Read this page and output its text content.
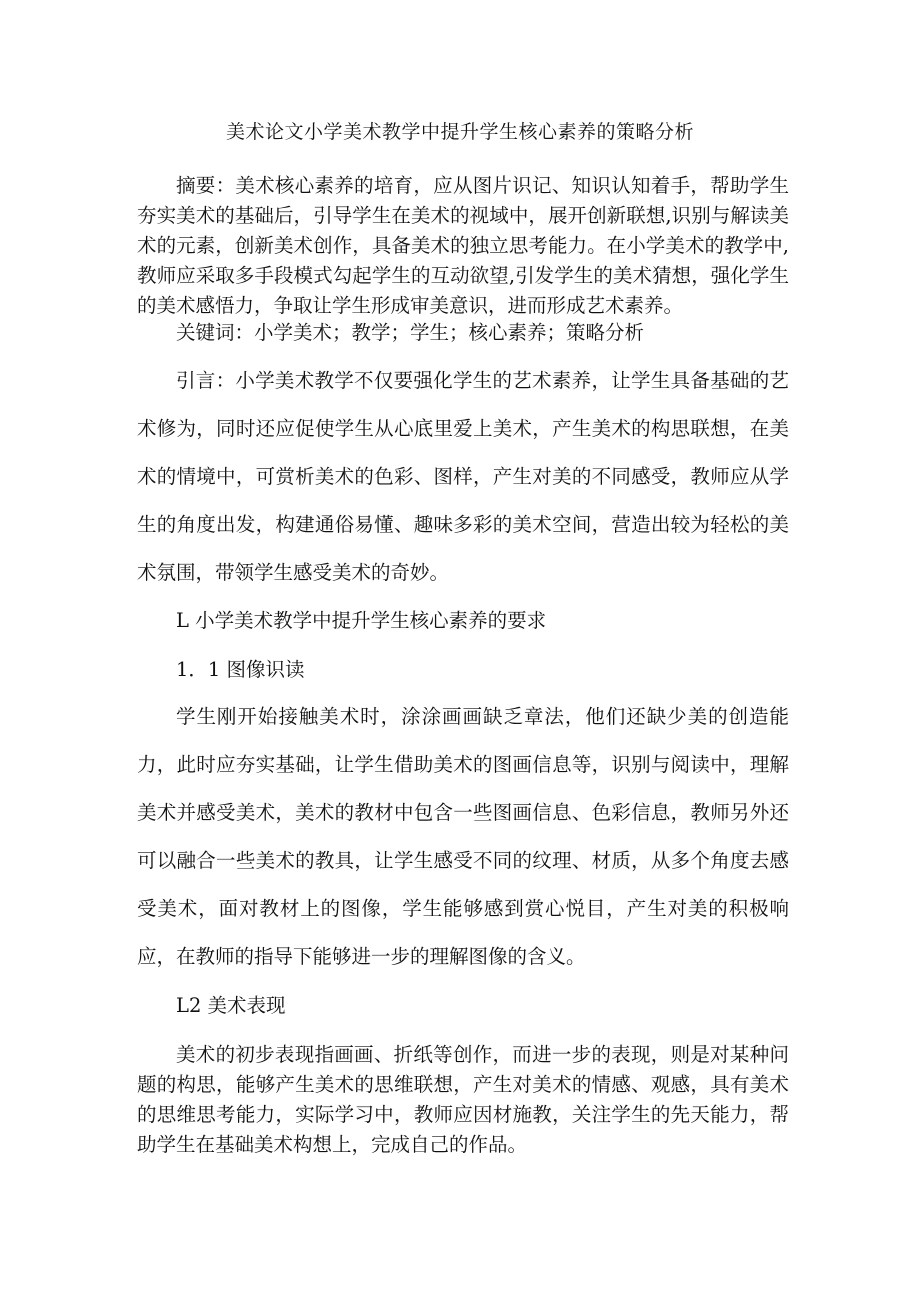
美术论文小学美术教学中提升学生核心素养的策略分析

摘要：美术核心素养的培育，应从图片识记、知识认知着手，帮助学生夯实美术的基础后，引导学生在美术的视域中，展开创新联想,识别与解读美术的元素，创新美术创作，具备美术的独立思考能力。在小学美术的教学中,教师应采取多手段模式勾起学生的互动欲望,引发学生的美术猜想，强化学生的美术感悟力，争取让学生形成审美意识，进而形成艺术素养。

关键词：小学美术；教学；学生；核心素养；策略分析

引言：小学美术教学不仅要强化学生的艺术素养，让学生具备基础的艺术修为，同时还应促使学生从心底里爱上美术，产生美术的构思联想，在美术的情境中，可赏析美术的色彩、图样，产生对美的不同感受，教师应从学生的角度出发，构建通俗易懂、趣味多彩的美术空间，营造出较为轻松的美术氛围，带领学生感受美术的奇妙。

L 小学美术教学中提升学生核心素养的要求
1．1 图像识读

学生刚开始接触美术时，涂涂画画缺乏章法，他们还缺少美的创造能力，此时应夯实基础，让学生借助美术的图画信息等，识别与阅读中，理解美术并感受美术，美术的教材中包含一些图画信息、色彩信息，教师另外还可以融合一些美术的教具，让学生感受不同的纹理、材质，从多个角度去感受美术，面对教材上的图像，学生能够感到赏心悦目，产生对美的积极响应，在教师的指导下能够进一步的理解图像的含义。

L2 美术表现

美术的初步表现指画画、折纸等创作，而进一步的表现，则是对某种问题的构思，能够产生美术的思维联想，产生对美术的情感、观感，具有美术的思维思考能力，实际学习中，教师应因材施教，关注学生的先天能力，帮助学生在基础美术构想上，完成自己的作品。
